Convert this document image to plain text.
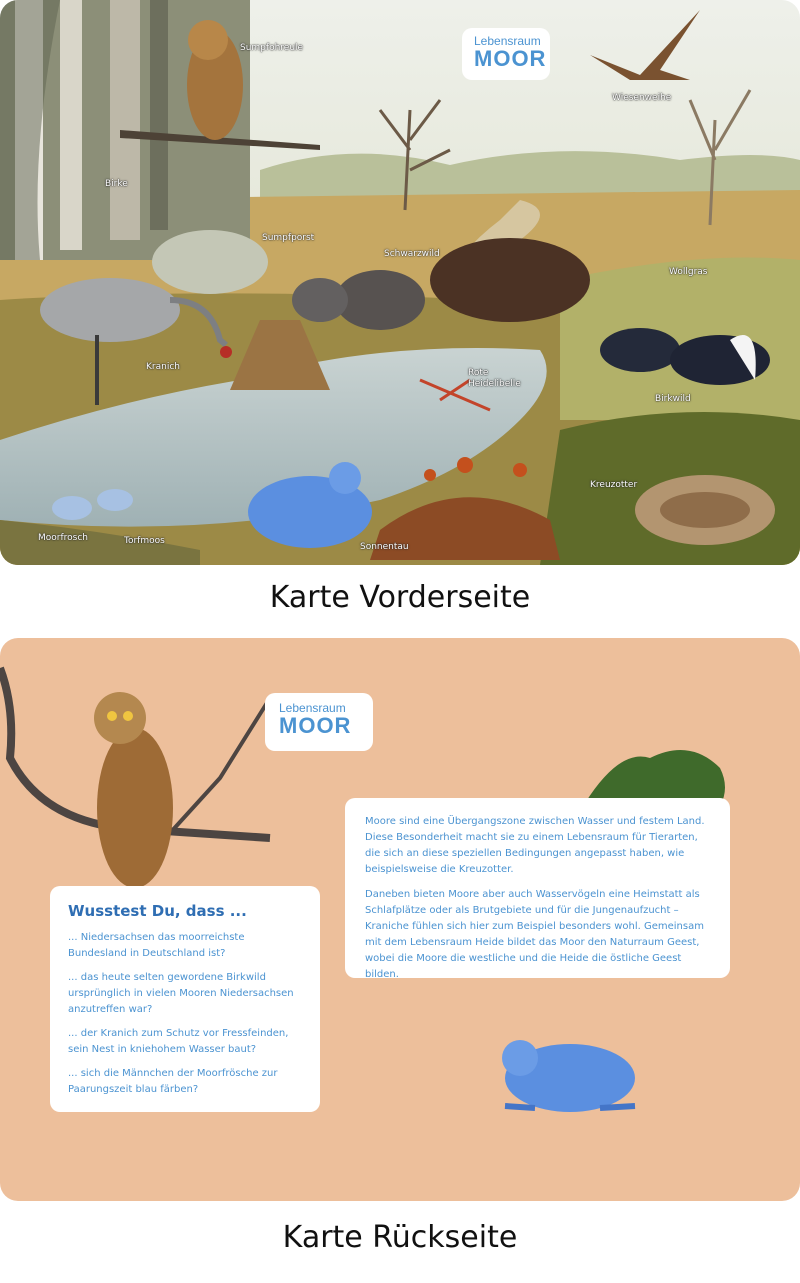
Lebensraum
MOOR
Sumpfohreule
Wiesenweihe
Birke
Sumpfporst
Schwarzwild
Wollgras
Kranich
Rote Heidelibelle
Birkwild
Kreuzotter
Moorfrosch	Torfmoos
Sonnentau
Karte Vorderseite
Lebensraum
MOOR

Moore sind eine Übergangszone zwischen Wasser und festem Land. Diese Besonderheit macht sie zu einem Lebensraum für Tierarten, die sich an diese speziellen Bedingungen angepasst haben, wie beispielsweise die Kreuzotter.

Daneben bieten Moore aber auch Wasservögeln eine Heimstatt als Schlafplätze oder als Brutgebiete und für die Jungenaufzucht – Kraniche fühlen sich hier zum Beispiel besonders wohl. Gemeinsam mit dem Lebensraum Heide bildet das Moor den Naturraum Geest, wobei die Moore die westliche und die Heide die östliche Geest bilden.

Wusstest Du, dass ...
... Niedersachsen das moorreichste Bundesland in Deutschland ist?
... das heute selten gewordene Birkwild ursprünglich in vielen Mooren Niedersachsen anzutreffen war?
... der Kranich zum Schutz vor Fressfeinden, sein Nest in kniehohem Wasser baut?
... sich die Männchen der Moorfrösche zur Paarungszeit blau färben?
Karte Rückseite
